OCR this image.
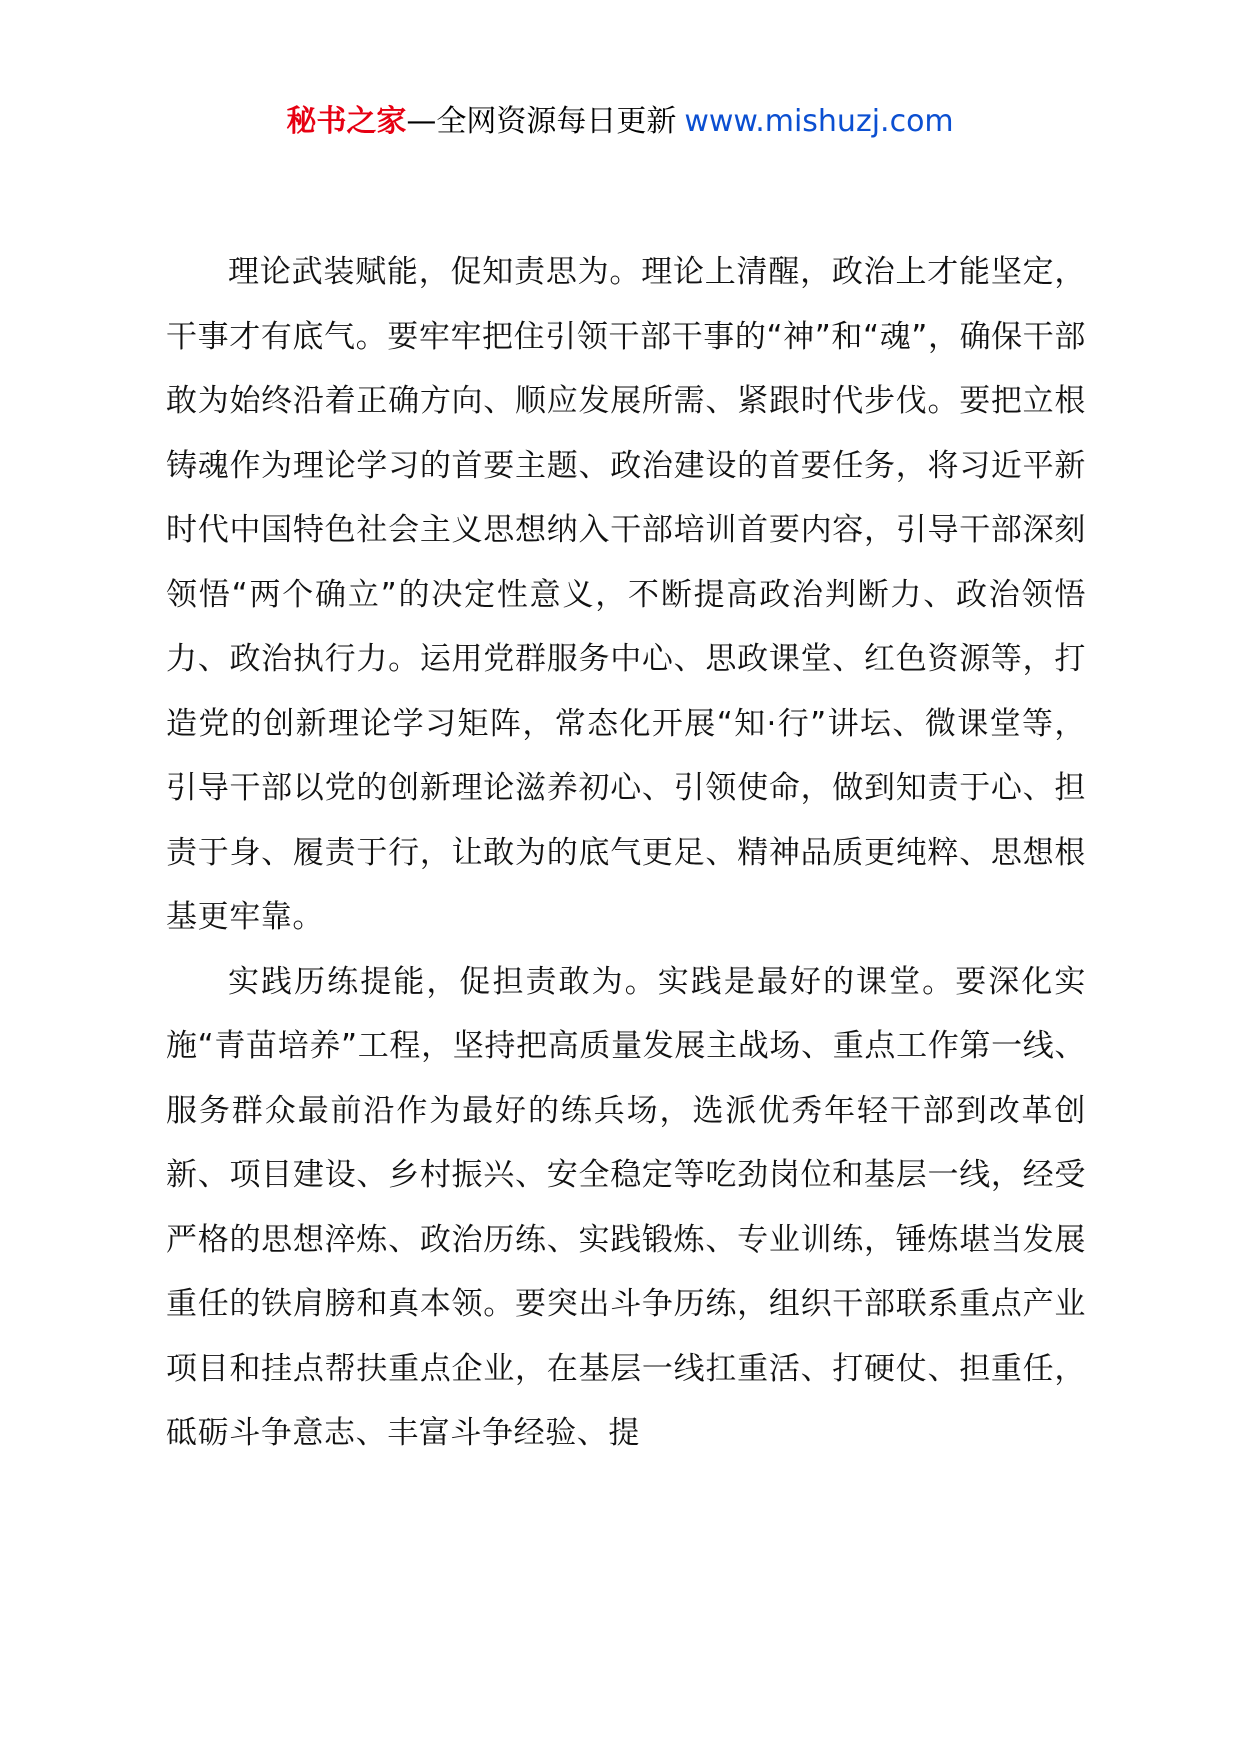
秘书之家—全网资源每日更新 www.mishuzj.com

理论武装赋能，促知责思为。理论上清醒，政治上才能坚定，干事才有底气。要牢牢把住引领干部干事的“神”和“魂”，确保干部敢为始终沿着正确方向、顺应发展所需、紧跟时代步伐。要把立根铸魂作为理论学习的首要主题、政治建设的首要任务，将习近平新时代中国特色社会主义思想纳入干部培训首要内容，引导干部深刻领悟“两个确立”的决定性意义，不断提高政治判断力、政治领悟力、政治执行力。运用党群服务中心、思政课堂、红色资源等，打造党的创新理论学习矩阵，常态化开展“知·行”讲坛、微课堂等，引导干部以党的创新理论滋养初心、引领使命，做到知责于心、担责于身、履责于行，让敢为的底气更足、精神品质更纯粹、思想根基更牢靠。

实践历练提能，促担责敢为。实践是最好的课堂。要深化实施“青苗培养”工程，坚持把高质量发展主战场、重点工作第一线、服务群众最前沿作为最好的练兵场，选派优秀年轻干部到改革创新、项目建设、乡村振兴、安全稳定等吃劲岗位和基层一线，经受严格的思想淬炼、政治历练、实践锻炼、专业训练，锤炼堪当发展重任的铁肩膀和真本领。要突出斗争历练，组织干部联系重点产业项目和挂点帮扶重点企业，在基层一线扛重活、打硬仗、担重任，砥砺斗争意志、丰富斗争经验、提
